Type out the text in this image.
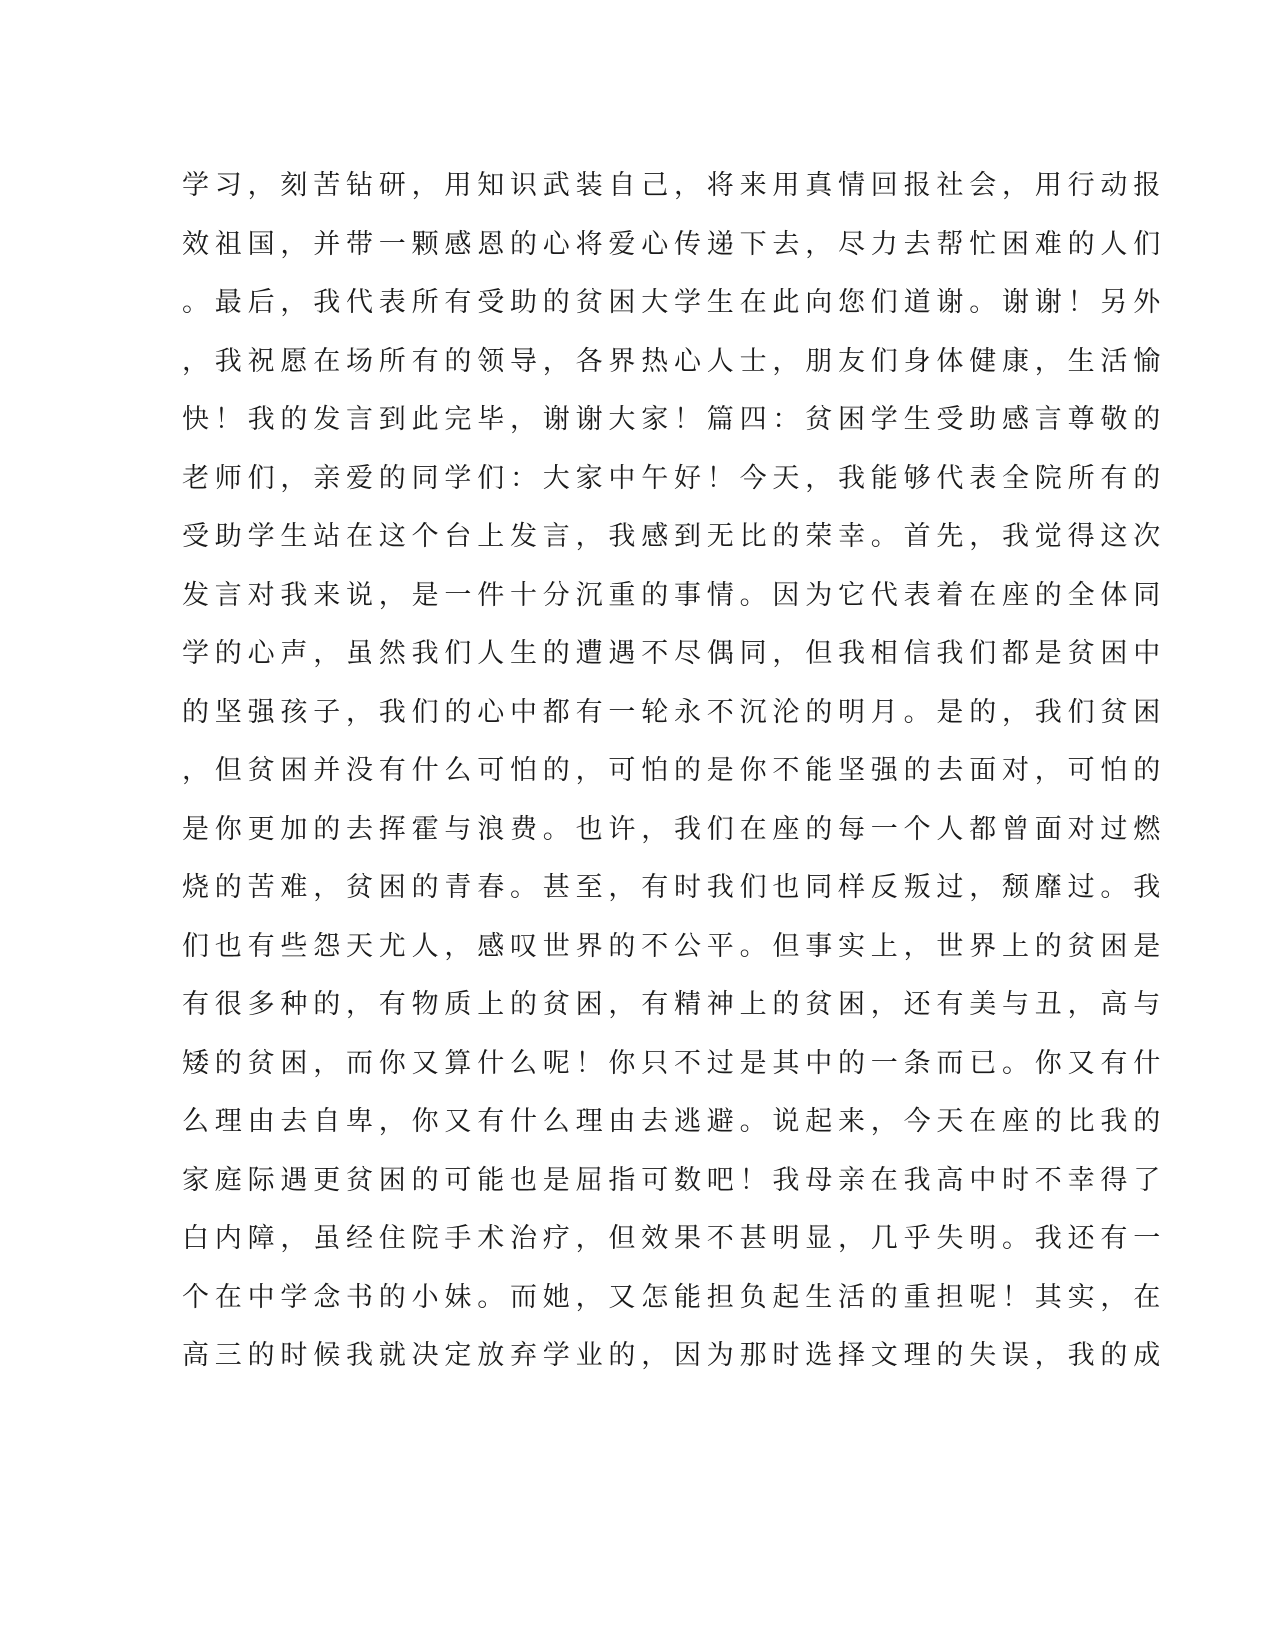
学习，刻苦钻研，用知识武装自己，将来用真情回报社会，用行动报
效祖国，并带一颗感恩的心将爱心传递下去，尽力去帮忙困难的人们
。最后，我代表所有受助的贫困大学生在此向您们道谢。谢谢！另外
，我祝愿在场所有的领导，各界热心人士，朋友们身体健康，生活愉
快！我的发言到此完毕，谢谢大家！篇四：贫困学生受助感言尊敬的
老师们，亲爱的同学们：大家中午好！今天，我能够代表全院所有的
受助学生站在这个台上发言，我感到无比的荣幸。首先，我觉得这次
发言对我来说，是一件十分沉重的事情。因为它代表着在座的全体同
学的心声，虽然我们人生的遭遇不尽偶同，但我相信我们都是贫困中
的坚强孩子，我们的心中都有一轮永不沉沦的明月。是的，我们贫困
，但贫困并没有什么可怕的，可怕的是你不能坚强的去面对，可怕的
是你更加的去挥霍与浪费。也许，我们在座的每一个人都曾面对过燃
烧的苦难，贫困的青春。甚至，有时我们也同样反叛过，颓靡过。我
们也有些怨天尤人，感叹世界的不公平。但事实上，世界上的贫困是
有很多种的，有物质上的贫困，有精神上的贫困，还有美与丑，高与
矮的贫困，而你又算什么呢！你只不过是其中的一条而已。你又有什
么理由去自卑，你又有什么理由去逃避。说起来，今天在座的比我的
家庭际遇更贫困的可能也是屈指可数吧！我母亲在我高中时不幸得了
白内障，虽经住院手术治疗，但效果不甚明显，几乎失明。我还有一
个在中学念书的小妹。而她，又怎能担负起生活的重担呢！其实，在
高三的时候我就决定放弃学业的，因为那时选择文理的失误，我的成
